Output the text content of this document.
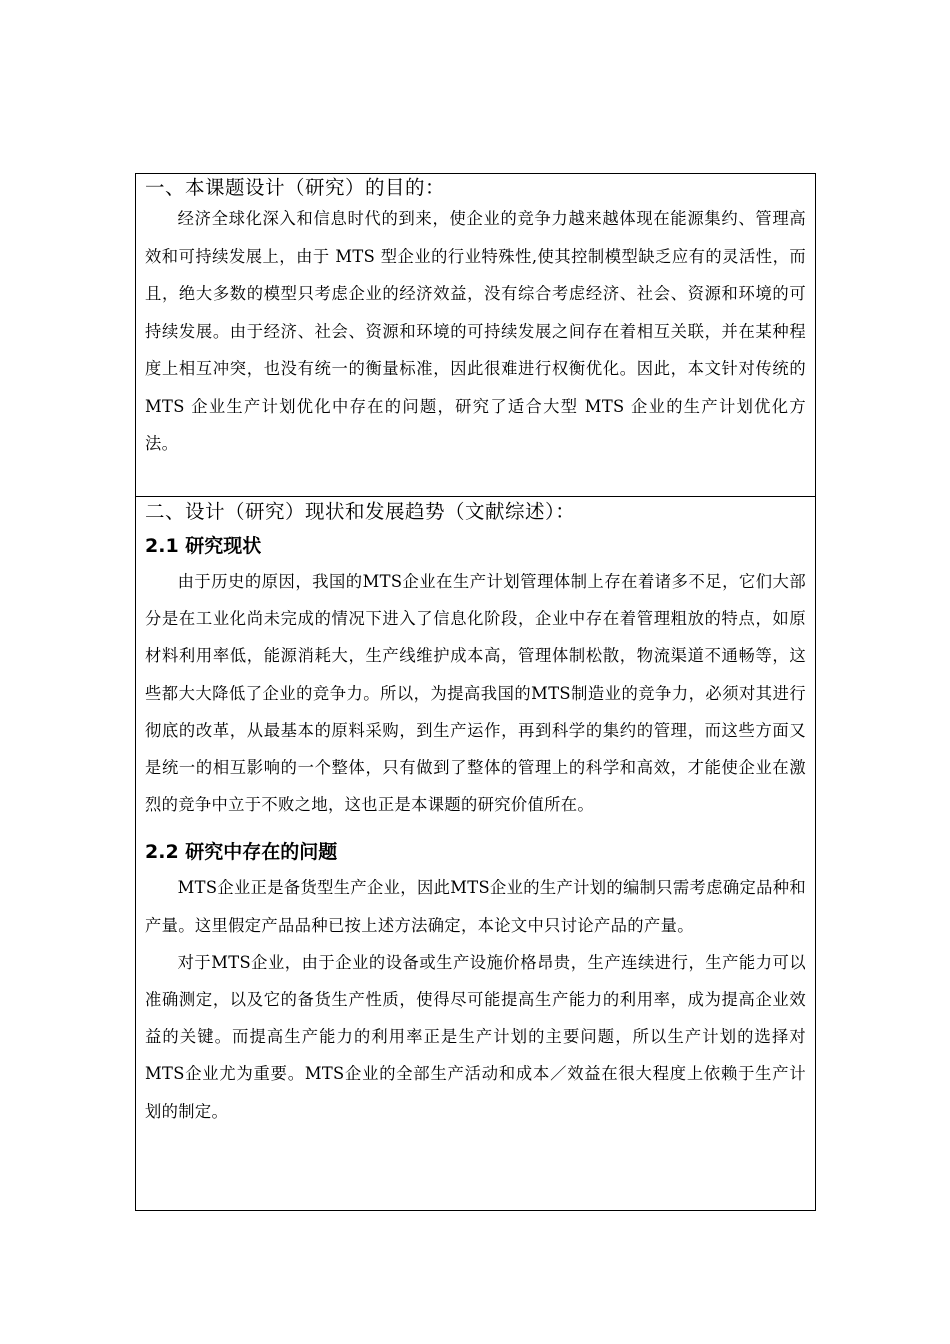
一、本课题设计（研究）的目的：

经济全球化深入和信息时代的到来，使企业的竞争力越来越体现在能源集约、管理高效和可持续发展上，由于 MTS 型企业的行业特殊性,使其控制模型缺乏应有的灵活性，而且，绝大多数的模型只考虑企业的经济效益，没有综合考虑经济、社会、资源和环境的可持续发展。由于经济、社会、资源和环境的可持续发展之间存在着相互关联，并在某种程度上相互冲突，也没有统一的衡量标准，因此很难进行权衡优化。因此，本文针对传统的 MTS 企业生产计划优化中存在的问题，研究了适合大型 MTS 企业的生产计划优化方法。

二、设计（研究）现状和发展趋势（文献综述）：

2.1 研究现状

由于历史的原因，我国的MTS企业在生产计划管理体制上存在着诸多不足，它们大部分是在工业化尚未完成的情况下进入了信息化阶段，企业中存在着管理粗放的特点，如原材料利用率低，能源消耗大，生产线维护成本高，管理体制松散，物流渠道不通畅等，这些都大大降低了企业的竞争力。所以，为提高我国的MTS制造业的竞争力，必须对其进行彻底的改革，从最基本的原料采购，到生产运作，再到科学的集约的管理，而这些方面又是统一的相互影响的一个整体，只有做到了整体的管理上的科学和高效，才能使企业在激烈的竞争中立于不败之地，这也正是本课题的研究价值所在。

2.2 研究中存在的问题

MTS企业正是备货型生产企业，因此MTS企业的生产计划的编制只需考虑确定品种和产量。这里假定产品品种已按上述方法确定，本论文中只讨论产品的产量。

对于MTS企业，由于企业的设备或生产设施价格昂贵，生产连续进行，生产能力可以准确测定，以及它的备货生产性质，使得尽可能提高生产能力的利用率，成为提高企业效益的关键。而提高生产能力的利用率正是生产计划的主要问题，所以生产计划的选择对MTS企业尤为重要。MTS企业的全部生产活动和成本／效益在很大程度上依赖于生产计划的制定。
